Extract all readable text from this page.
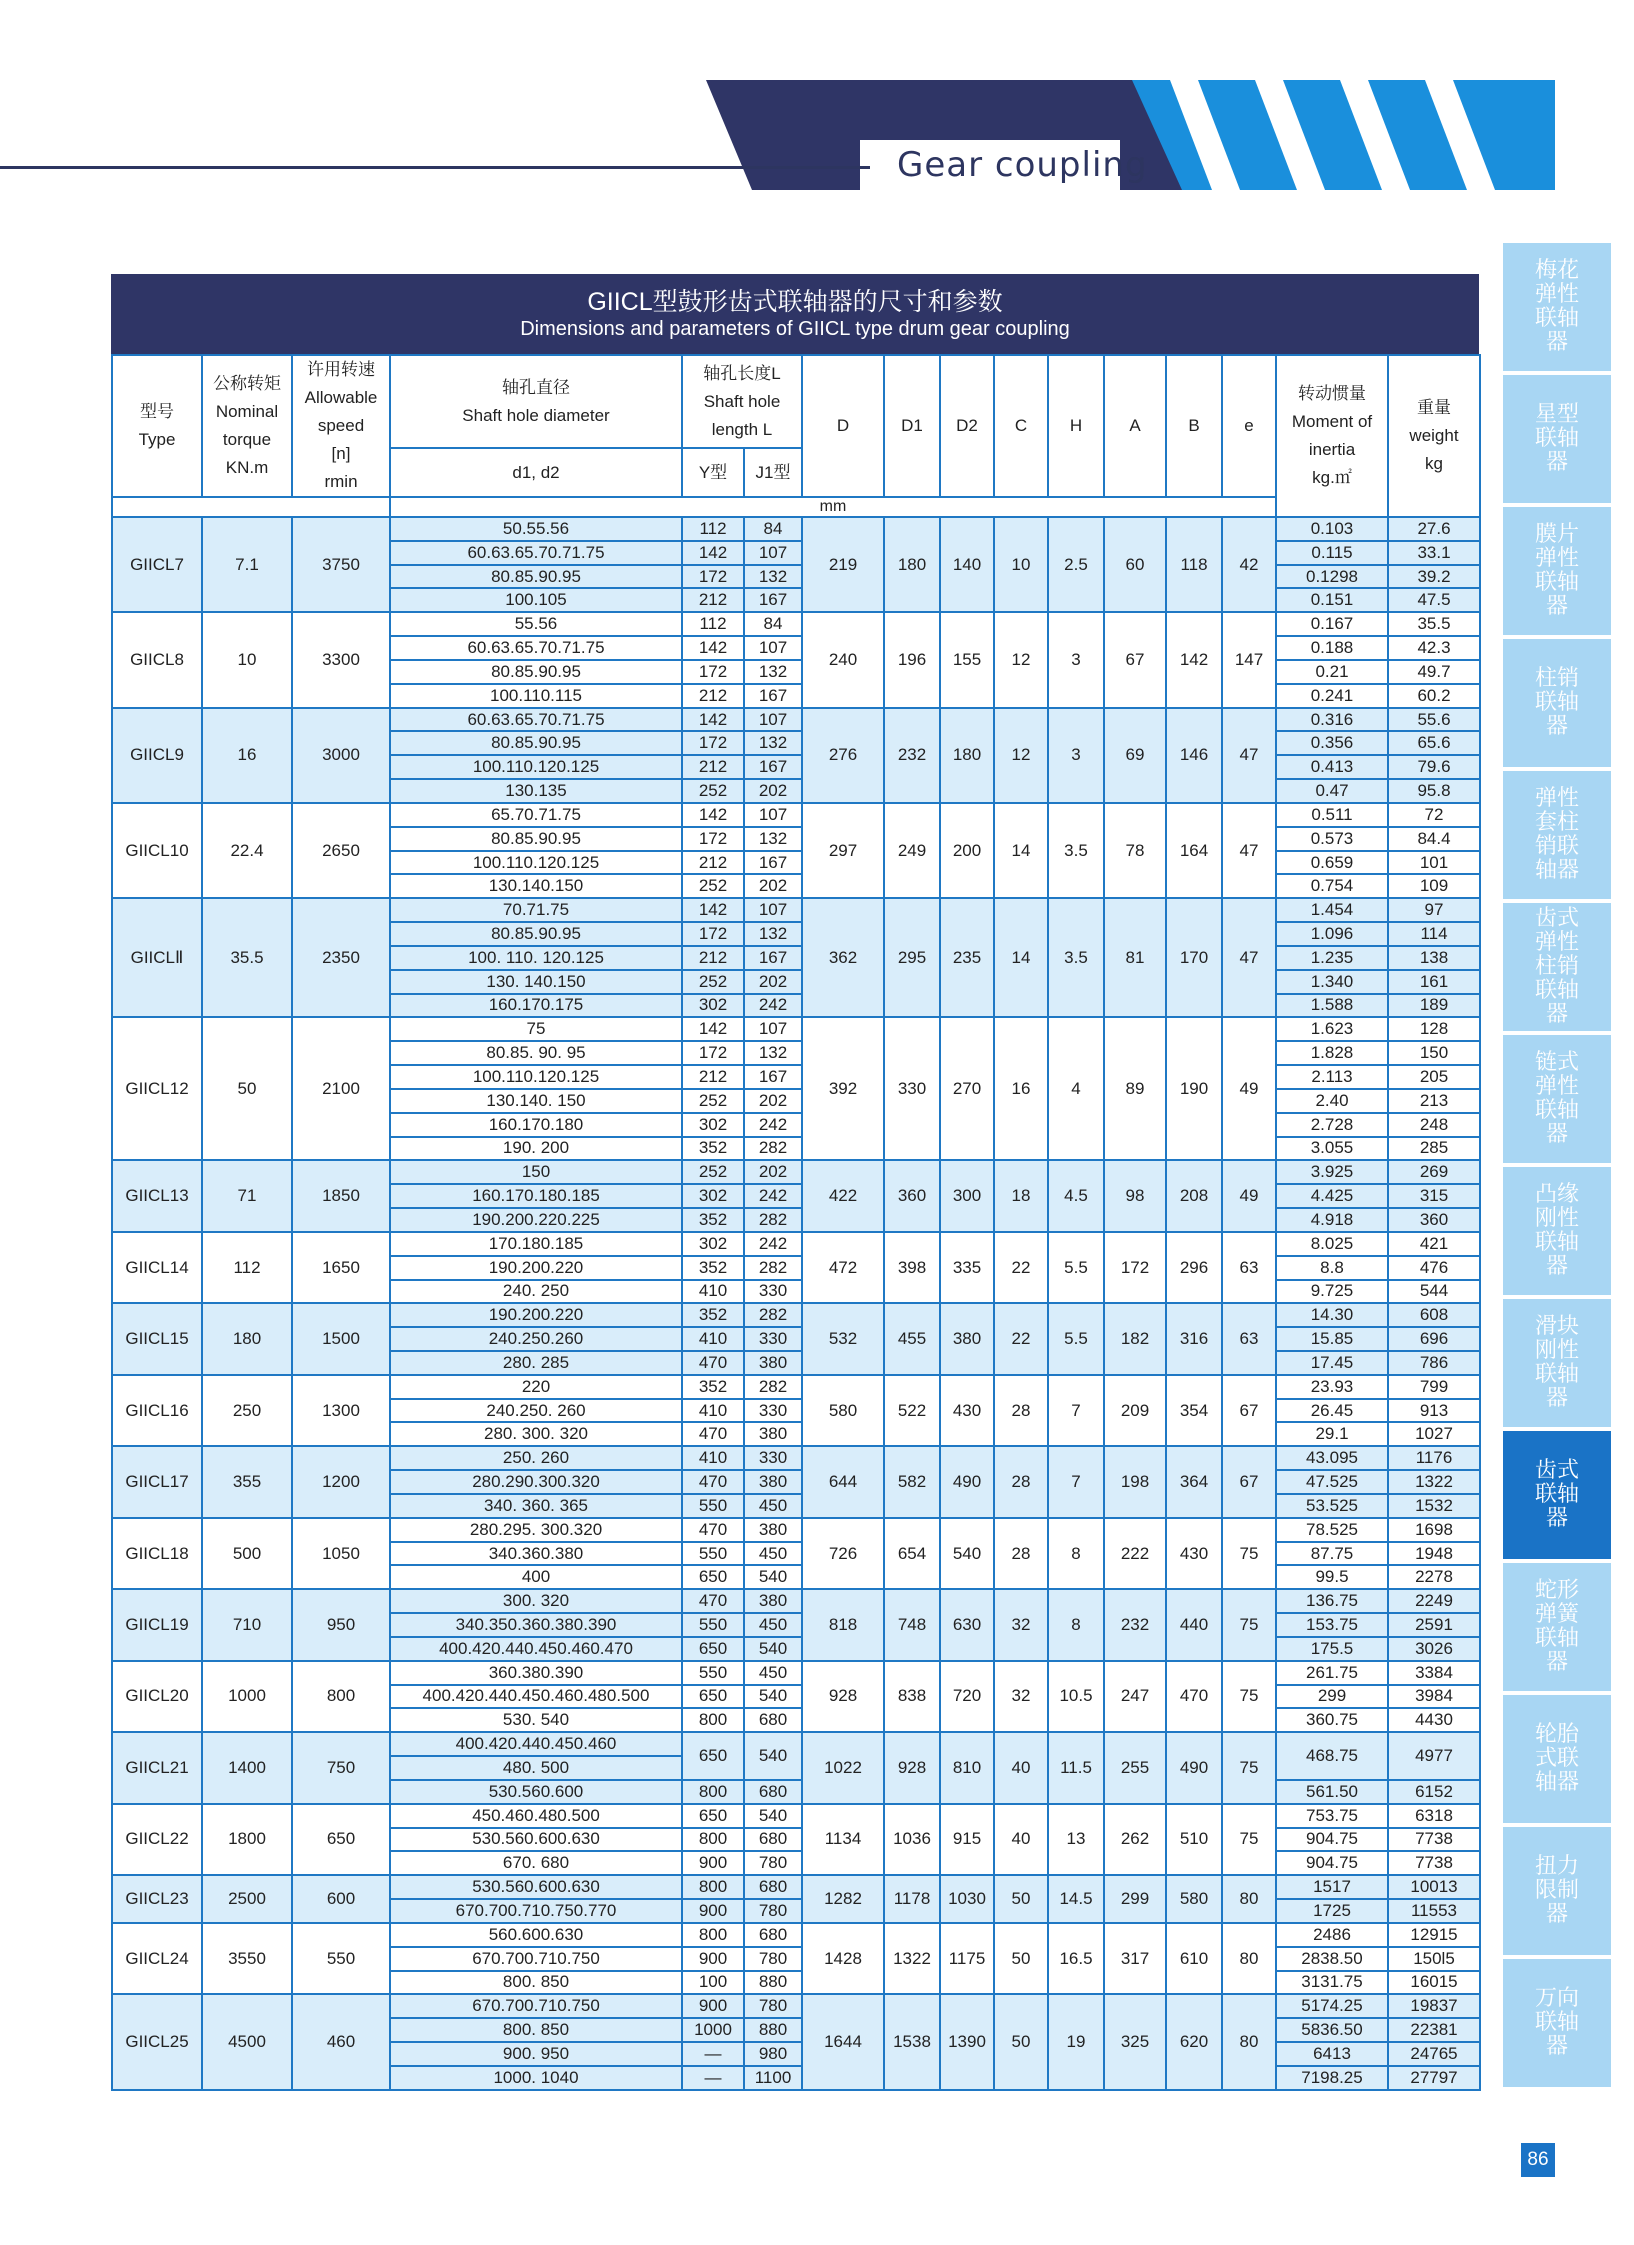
Gear coupling
GIICL型鼓形齿式联轴器的尺寸和参数
Dimensions and parameters of GIICL type drum gear coupling
型号
Type	公称转矩
Nominal
torque
KN.m	许用转速
Allowable
speed
[n]
rmin	轴孔直径
Shaft hole diameter	轴孔长度L
Shaft hole
length L		D	D1	D2	C	H	A	B	e	转动惯量
Moment of
inertia
kg.㎡	重量
weight
kg
			d1, d2	Y型	J1型										
			mm												
GIICL7	7.1	3750	50.55.56	112	84	219	180	140	10	2.5	60	118	42	0.103	27.6
			60.63.65.70.71.75	142	107									0.115	33.1
			80.85.90.95	172	132									0.1298	39.2
			100.105	212	167									0.151	47.5
GIICL8	10	3300	55.56	112	84	240	196	155	12	3	67	142	147	0.167	35.5
			60.63.65.70.71.75	142	107									0.188	42.3
			80.85.90.95	172	132									0.21	49.7
			100.110.115	212	167									0.241	60.2
GIICL9	16	3000	60.63.65.70.71.75	142	107	276	232	180	12	3	69	146	47	0.316	55.6
			80.85.90.95	172	132									0.356	65.6
			100.110.120.125	212	167									0.413	79.6
			130.135	252	202									0.47	95.8
GIICL10	22.4	2650	65.70.71.75	142	107	297	249	200	14	3.5	78	164	47	0.511	72
			80.85.90.95	172	132									0.573	84.4
			100.110.120.125	212	167									0.659	101
			130.140.150	252	202									0.754	109
GIICLⅡ	35.5	2350	70.71.75	142	107	362	295	235	14	3.5	81	170	47	1.454	97
			80.85.90.95	172	132									1.096	114
			100. 110. 120.125	212	167									1.235	138
			130. 140.150	252	202									1.340	161
			160.170.175	302	242									1.588	189
GIICL12	50	2100	75	142	107	392	330	270	16	4	89	190	49	1.623	128
			80.85. 90. 95	172	132									1.828	150
			100.110.120.125	212	167									2.113	205
			130.140. 150	252	202									2.40	213
			160.170.180	302	242									2.728	248
			190. 200	352	282									3.055	285
GIICL13	71	1850	150	252	202	422	360	300	18	4.5	98	208	49	3.925	269
			160.170.180.185	302	242									4.425	315
			190.200.220.225	352	282									4.918	360
GIICL14	112	1650	170.180.185	302	242	472	398	335	22	5.5	172	296	63	8.025	421
			190.200.220	352	282									8.8	476
			240. 250	410	330									9.725	544
GIICL15	180	1500	190.200.220	352	282	532	455	380	22	5.5	182	316	63	14.30	608
			240.250.260	410	330									15.85	696
			280. 285	470	380									17.45	786
GIICL16	250	1300	220	352	282	580	522	430	28	7	209	354	67	23.93	799
			240.250. 260	410	330									26.45	913
			280. 300. 320	470	380									29.1	1027
GIICL17	355	1200	250. 260	410	330	644	582	490	28	7	198	364	67	43.095	1176
			280.290.300.320	470	380									47.525	1322
			340. 360. 365	550	450									53.525	1532
GIICL18	500	1050	280.295. 300.320	470	380	726	654	540	28	8	222	430	75	78.525	1698
			340.360.380	550	450									87.75	1948
			400	650	540									99.5	2278
GIICL19	710	950	300. 320	470	380	818	748	630	32	8	232	440	75	136.75	2249
			340.350.360.380.390	550	450									153.75	2591
			400.420.440.450.460.470	650	540									175.5	3026
GIICL20	1000	800	360.380.390	550	450	928	838	720	32	10.5	247	470	75	261.75	3384
			400.420.440.450.460.480.500	650	540									299	3984
			530. 540	800	680									360.75	4430
GIICL21	1400	750	400.420.440.450.460	650	540	1022	928	810	40	11.5	255	490	75	468.75	4977
			480. 500												
			530.560.600	800	680									561.50	6152
GIICL22	1800	650	450.460.480.500	650	540	1134	1036	915	40	13	262	510	75	753.75	6318
			530.560.600.630	800	680									904.75	7738
			670. 680	900	780									904.75	7738
GIICL23	2500	600	530.560.600.630	800	680	1282	1178	1030	50	14.5	299	580	80	1517	10013
			670.700.710.750.770	900	780									1725	11553
GIICL24	3550	550	560.600.630	800	680	1428	1322	1175	50	16.5	317	610	80	2486	12915
			670.700.710.750	900	780									2838.50	150l5
			800. 850	100	880									3131.75	16015
GIICL25	4500	460	670.700.710.750	900	780	1644	1538	1390	50	19	325	620	80	5174.25	19837
			800. 850	1000	880									5836.50	22381
			900. 950	—	980									6413	24765
			1000. 1040	—	1100									7198.25	27797
梅花弹性联轴器
星型联轴器
膜片弹性联轴器
柱销联轴器
弹性套柱销联轴器
齿式弹性柱销联轴器
链式弹性联轴器
凸缘刚性联轴器
滑块刚性联轴器
齿式联轴器
蛇形弹簧联轴器
轮胎式联轴器
扭力限制器
万向联轴器
86
